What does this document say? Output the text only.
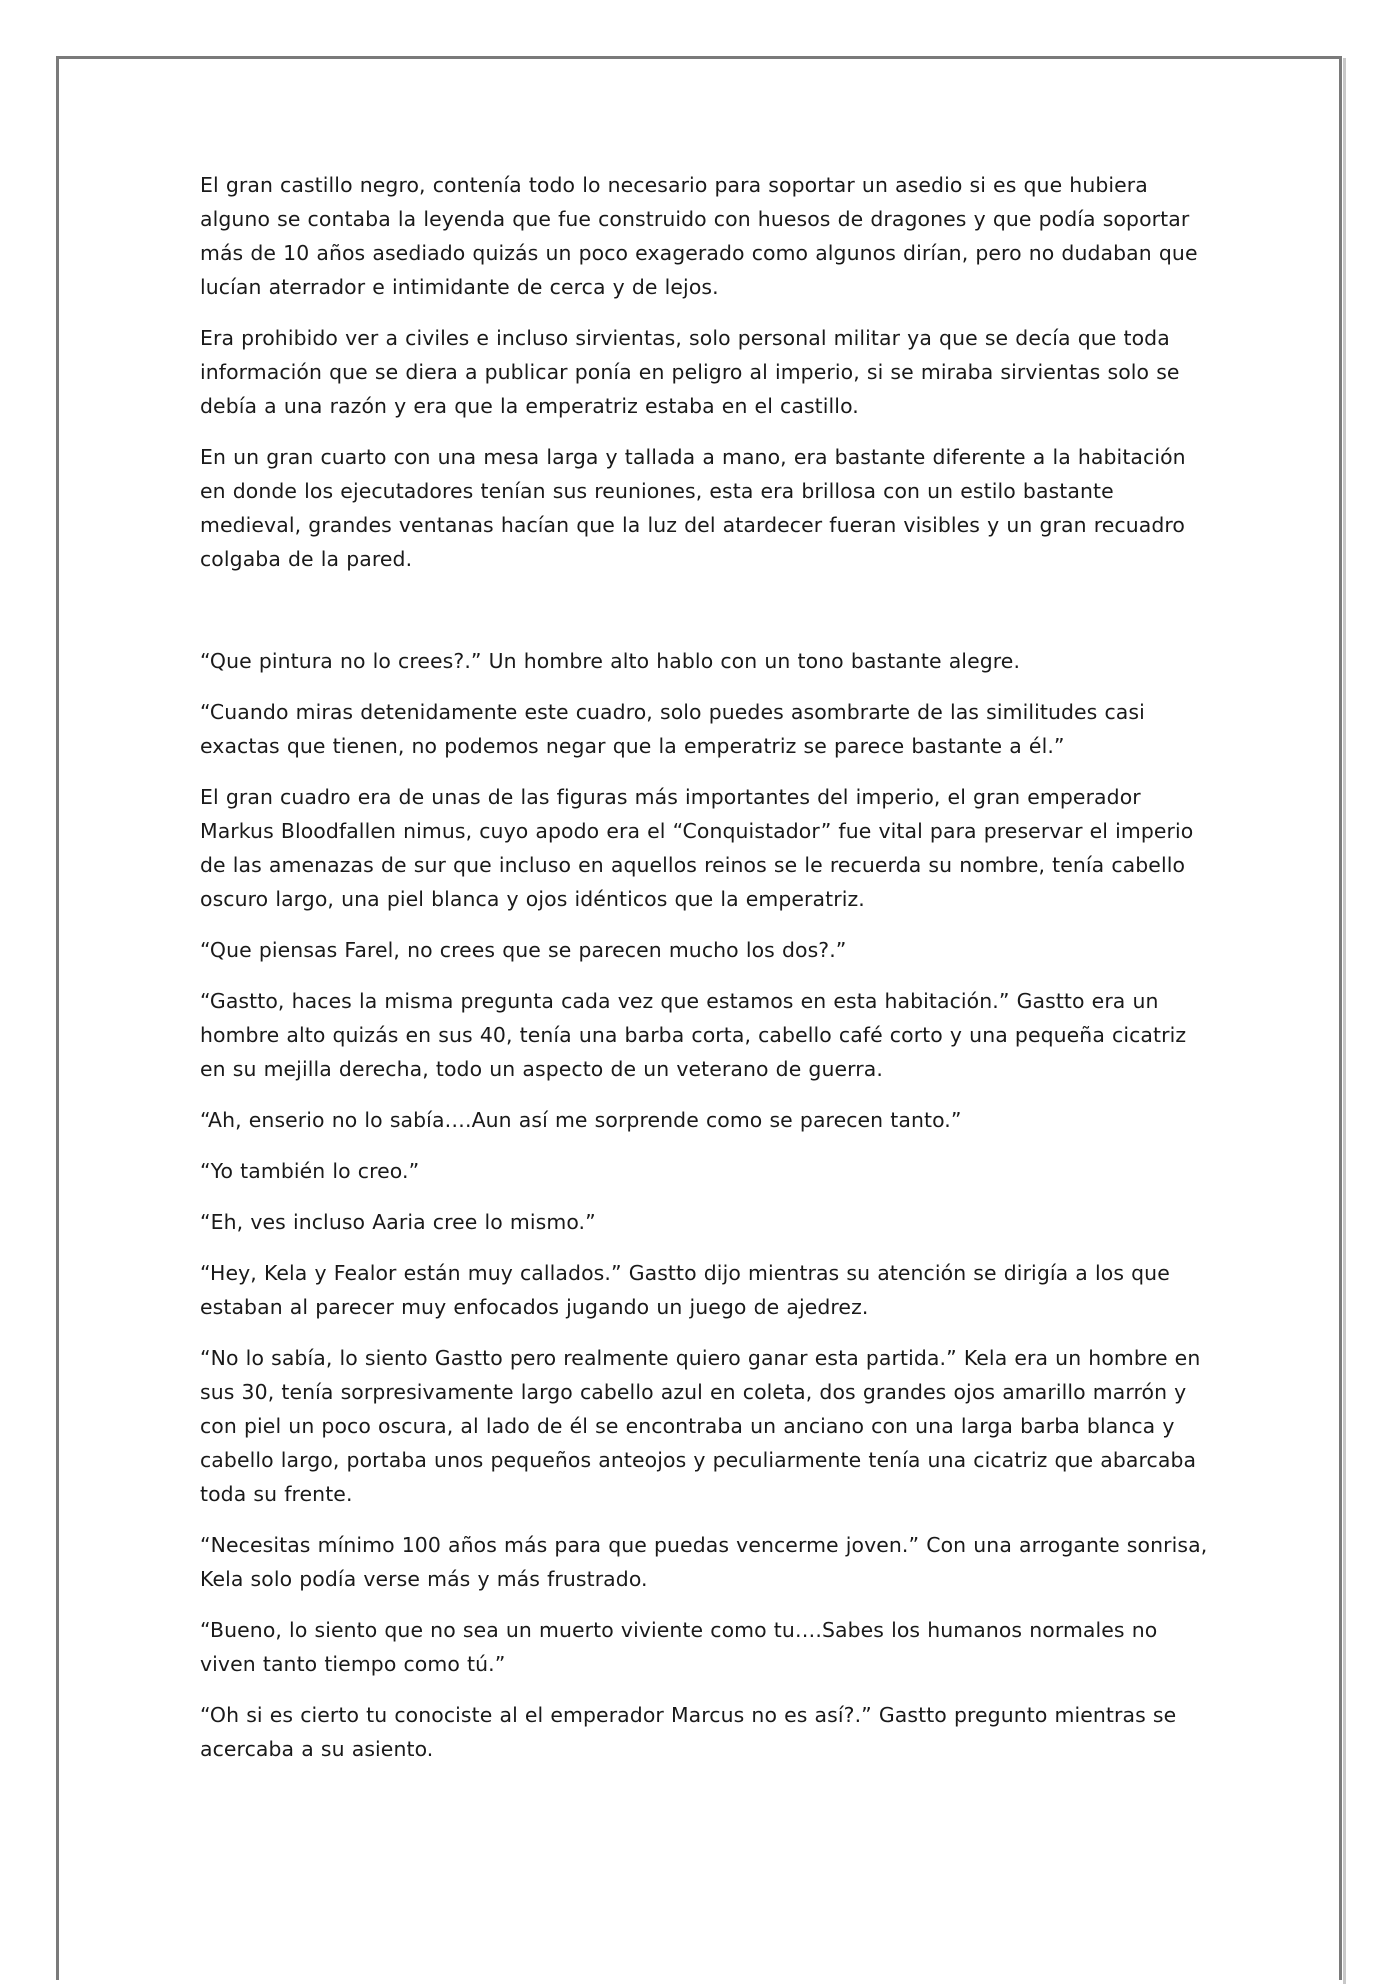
El gran castillo negro, contenía todo lo necesario para soportar un asedio si es que hubiera alguno se contaba la leyenda que fue construido con huesos de dragones y que podía soportar más de 10 años asediado quizás un poco exagerado como algunos dirían, pero no dudaban que lucían aterrador e intimidante de cerca y de lejos.

Era prohibido ver a civiles e incluso sirvientas, solo personal militar ya que se decía que toda información que se diera a publicar ponía en peligro al imperio, si se miraba sirvientas solo se debía a una razón y era que la emperatriz estaba en el castillo.

En un gran cuarto con una mesa larga y tallada a mano, era bastante diferente a la habitación en donde los ejecutadores tenían sus reuniones, esta era brillosa con un estilo bastante medieval, grandes ventanas hacían que la luz del atardecer fueran visibles y un gran recuadro colgaba de la pared.

“Que pintura no lo crees?.” Un hombre alto hablo con un tono bastante alegre.

“Cuando miras detenidamente este cuadro, solo puedes asombrarte de las similitudes casi exactas que tienen, no podemos negar que la emperatriz se parece bastante a él.”

El gran cuadro era de unas de las figuras más importantes del imperio, el gran emperador Markus Bloodfallen nimus, cuyo apodo era el “Conquistador” fue vital para preservar el imperio de las amenazas de sur que incluso en aquellos reinos se le recuerda su nombre, tenía cabello oscuro largo, una piel blanca y ojos idénticos que la emperatriz.

“Que piensas Farel, no crees que se parecen mucho los dos?.”

“Gastto, haces la misma pregunta cada vez que estamos en esta habitación.” Gastto era un hombre alto quizás en sus 40, tenía una barba corta, cabello café corto y una pequeña cicatriz en su mejilla derecha, todo un aspecto de un veterano de guerra.

“Ah, enserio no lo sabía….Aun así me sorprende como se parecen tanto.”

“Yo también lo creo.”

“Eh, ves incluso Aaria cree lo mismo.”

“Hey, Kela y Fealor están muy callados.” Gastto dijo mientras su atención se dirigía a los que estaban al parecer muy enfocados jugando un juego de ajedrez.

“No lo sabía, lo siento Gastto pero realmente quiero ganar esta partida.” Kela era un hombre en sus 30, tenía sorpresivamente largo cabello azul en coleta, dos grandes ojos amarillo marrón y con piel un poco oscura, al lado de él se encontraba un anciano con una larga barba blanca y cabello largo, portaba unos pequeños anteojos y peculiarmente tenía una cicatriz que abarcaba toda su frente.

“Necesitas mínimo 100 años más para que puedas vencerme joven.” Con una arrogante sonrisa, Kela solo podía verse más y más frustrado.

“Bueno, lo siento que no sea un muerto viviente como tu….Sabes los humanos normales no viven tanto tiempo como tú.”

“Oh si es cierto tu conociste al el emperador Marcus no es así?.” Gastto pregunto mientras se acercaba a su asiento.
